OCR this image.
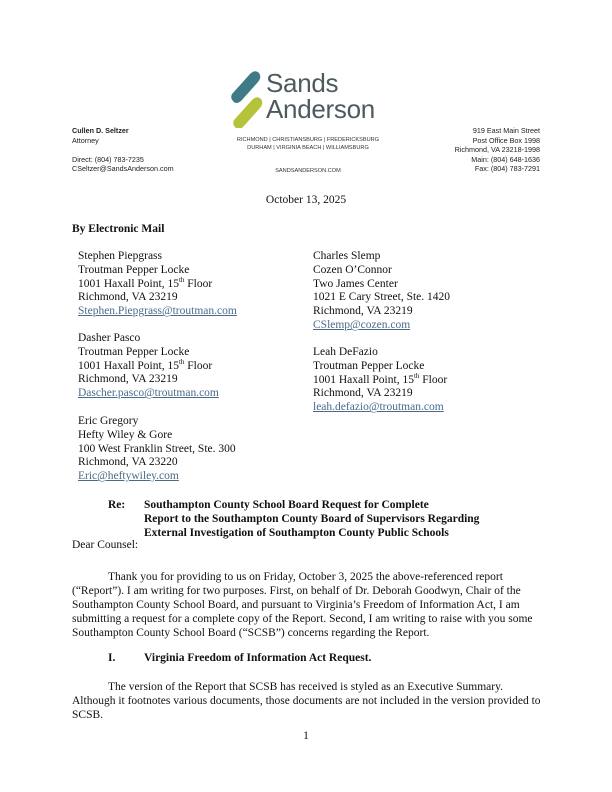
Cullen D. Seltzer
Attorney
Direct: (804) 783-7235
CSeltzer@SandsAnderson.com
Sands
Anderson
RICHMOND | CHRISTIANSBURG | FREDERICKSBURG
DURHAM | VIRGINIA BEACH | WILLIAMSBURG
SANDSANDERSON.COM
919 East Main Street
Post Office Box 1998
Richmond, VA 23218-1998
Main: (804) 648-1636
Fax: (804) 783-7291
October 13, 2025
By Electronic Mail
Stephen Piepgrass
Troutman Pepper Locke
1001 Haxall Point, 15th Floor
Richmond, VA 23219
Stephen.Piepgrass@troutman.com
Dasher Pasco
Troutman Pepper Locke
1001 Haxall Point, 15th Floor
Richmond, VA 23219
Dascher.pasco@troutman.com
Eric Gregory
Hefty Wiley & Gore
100 West Franklin Street, Ste. 300
Richmond, VA 23220
Eric@heftywiley.com
Charles Slemp
Cozen O’Connor
Two James Center
1021 E Cary Street, Ste. 1420
Richmond, VA 23219
CSlemp@cozen.com
Leah DeFazio
Troutman Pepper Locke
1001 Haxall Point, 15th Floor
Richmond, VA 23219
leah.defazio@troutman.com
Re: Southampton County School Board Request for Complete
Report to the Southampton County Board of Supervisors Regarding
External Investigation of Southampton County Public Schools
Dear Counsel:
Thank you for providing to us on Friday, October 3, 2025 the above-referenced report (“Report”). I am writing for two purposes. First, on behalf of Dr. Deborah Goodwyn, Chair of the Southampton County School Board, and pursuant to Virginia’s Freedom of Information Act, I am submitting a request for a complete copy of the Report. Second, I am writing to raise with you some Southampton County School Board (“SCSB”) concerns regarding the Report.
I. Virginia Freedom of Information Act Request.
The version of the Report that SCSB has received is styled as an Executive Summary. Although it footnotes various documents, those documents are not included in the version provided to SCSB.
1
